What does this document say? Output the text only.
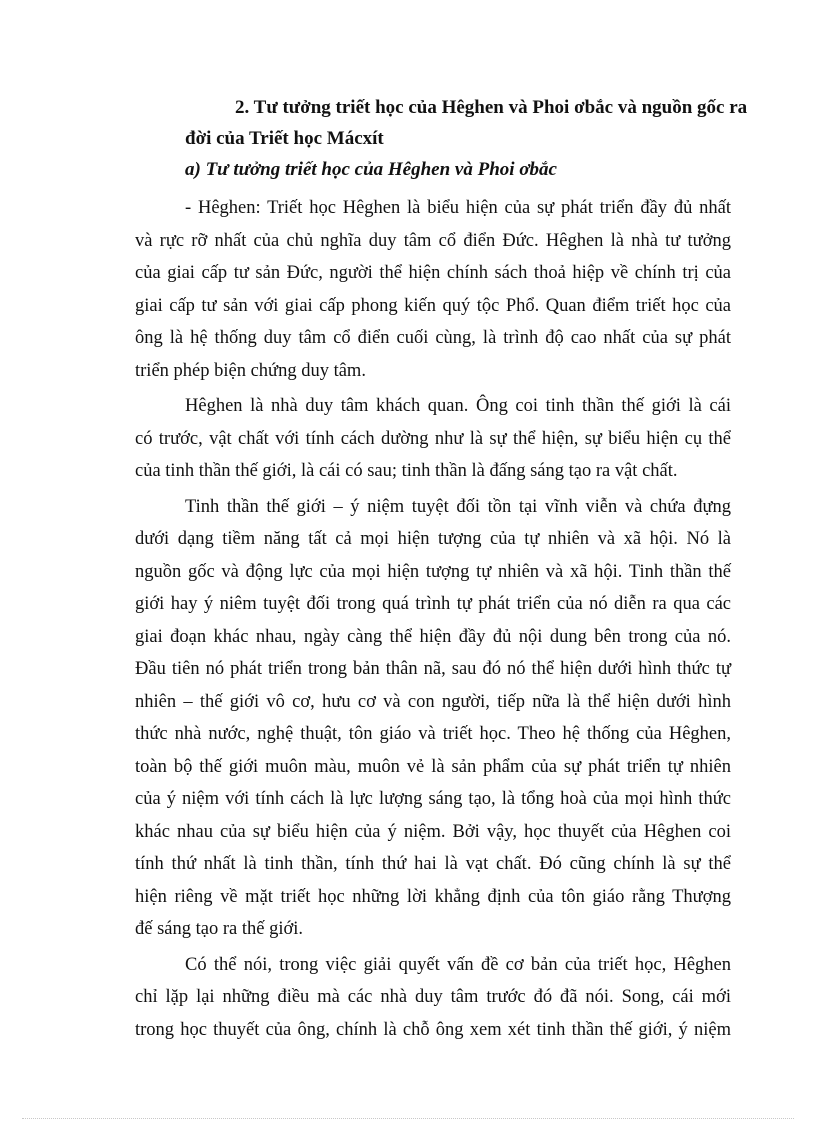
2. Tư tưởng triết học của Hêghen và Phoi ơbắc và nguồn gốc ra
đời của Triết học Mácxít

a) Tư tưởng triết học của Hêghen và Phoi ơbắc

- Hêghen: Triết học Hêghen là biểu hiện của sự phát triển đầy đủ nhất
và rực rỡ nhất của chủ nghĩa duy tâm cổ điển Đức. Hêghen là nhà tư tưởng
của giai cấp tư sản Đức, người thể hiện chính sách thoả hiệp về chính trị của
giai cấp tư sản với giai cấp phong kiến quý tộc Phổ. Quan điểm triết học của
ông là hệ thống duy tâm cổ điển cuối cùng, là trình độ cao nhất của sự phát
triển phép biện chứng duy tâm.

Hêghen là nhà duy tâm khách quan. Ông coi tinh thần thế giới là cái
có trước, vật chất với tính cách dường như là sự thể hiện, sự biểu hiện cụ thể
của tinh thần thế giới, là cái có sau; tinh thần là đấng sáng tạo ra vật chất.

Tinh thần thế giới – ý niệm tuyệt đối tồn tại vĩnh viễn và chứa đựng
dưới dạng tiềm năng tất cả mọi hiện tượng của tự nhiên và xã hội. Nó là
nguồn gốc và động lực của mọi hiện tượng tự nhiên và xã hội. Tinh thần thế
giới hay ý niêm tuyệt đối trong quá trình tự phát triển của nó diễn ra qua các
giai đoạn khác nhau, ngày càng thể hiện đầy đủ nội dung bên trong của nó.
Đầu tiên nó phát triển trong bản thân nã, sau đó nó thể hiện dưới hình thức tự
nhiên – thế giới vô cơ, hưu cơ và con người, tiếp nữa là thể hiện dưới hình
thức nhà nước, nghệ thuật, tôn giáo và triết học. Theo hệ thống của Hêghen,
toàn bộ thế giới muôn màu, muôn vẻ là sản phẩm của sự phát triển tự nhiên
của ý niệm với tính cách là lực lượng sáng tạo, là tổng hoà của mọi hình thức
khác nhau của sự biểu hiện của ý niệm. Bởi vậy, học thuyết của Hêghen coi
tính thứ nhất là tinh thần, tính thứ hai là vạt chất. Đó cũng chính là sự thể
hiện riêng về mặt triết học những lời khẳng định của tôn giáo rằng Thượng
đế sáng tạo ra thế giới.

Có thể nói, trong việc giải quyết vấn đề cơ bản của triết học, Hêghen
chỉ lặp lại những điều mà các nhà duy tâm trước đó đã nói. Song, cái mới
trong học thuyết của ông, chính là chỗ ông xem xét tinh thần thế giới, ý niệm
